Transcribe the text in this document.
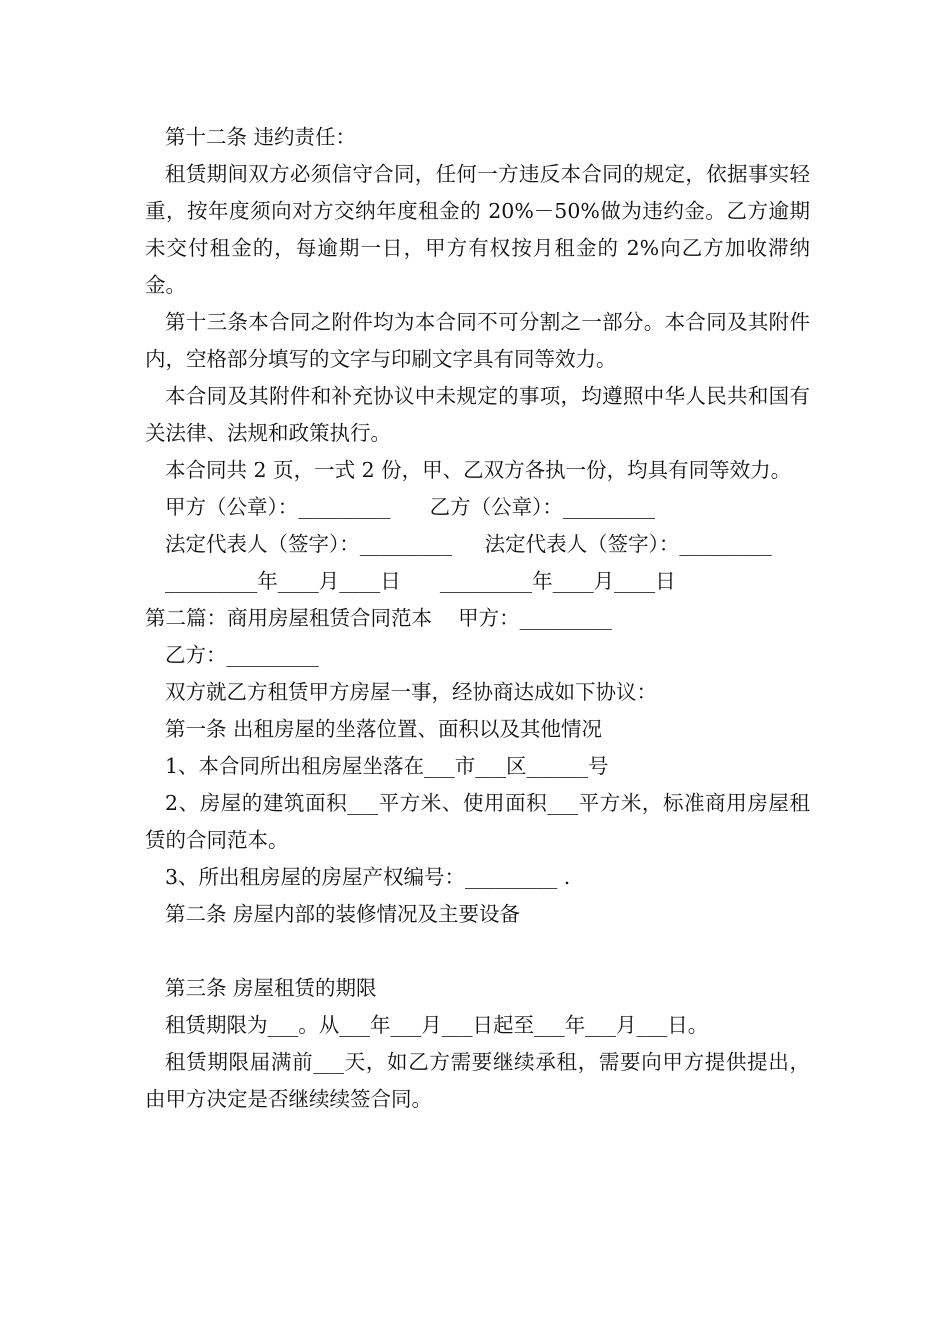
第十二条 违约责任：

租赁期间双方必须信守合同，任何一方违反本合同的规定，依据事实轻重，按年度须向对方交纳年度租金的 20%－50%做为违约金。乙方逾期未交付租金的，每逾期一日，甲方有权按月租金的 2%向乙方加收滞纳金。

第十三条本合同之附件均为本合同不可分割之一部分。本合同及其附件内，空格部分填写的文字与印刷文字具有同等效力。

本合同及其附件和补充协议中未规定的事项，均遵照中华人民共和国有关法律、法规和政策执行。

本合同共 2 页，一式 2 份，甲、乙双方各执一份，均具有同等效力。

甲方（公章）：_________      乙方（公章）：_________

法定代表人（签字）：_________     法定代表人（签字）：_________

_________年____月____日      _________年____月____日

第二篇：商用房屋租赁合同范本    甲方：_________

乙方：_________

双方就乙方租赁甲方房屋一事，经协商达成如下协议：

第一条 出租房屋的坐落位置、面积以及其他情况

1、本合同所出租房屋坐落在___市___区______号

2、房屋的建筑面积___平方米、使用面积___平方米，标准商用房屋租赁的合同范本。

3、所出租房屋的房屋产权编号：_________ .

第二条 房屋内部的装修情况及主要设备

第三条 房屋租赁的期限

租赁期限为___。从___年___月___日起至___年___月___日。

租赁期限届满前___天，如乙方需要继续承租，需要向甲方提供提出，由甲方决定是否继续续签合同。
